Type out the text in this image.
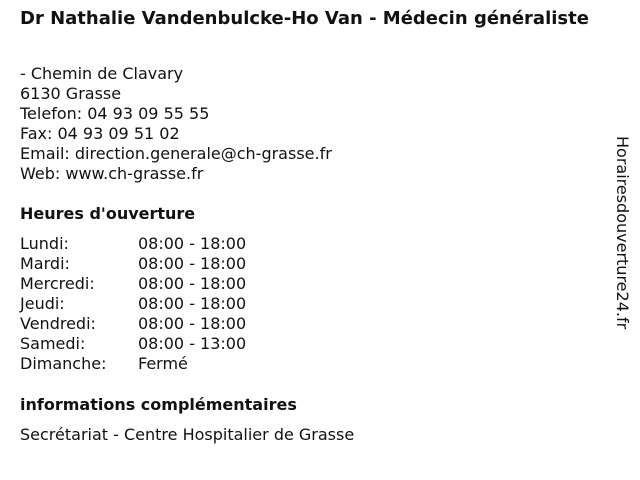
Dr Nathalie Vandenbulcke-Ho Van - Médecin généraliste
- Chemin de Clavary
6130 Grasse
Telefon: 04 93 09 55 55
Fax: 04 93 09 51 02
Email: direction.generale@ch-grasse.fr
Web: www.ch-grasse.fr
Heures d'ouverture
Lundi:	08:00 - 18:00
Mardi:	08:00 - 18:00
Mercredi:	08:00 - 18:00
Jeudi:	08:00 - 18:00
Vendredi:	08:00 - 18:00
Samedi:	08:00 - 13:00
Dimanche: Fermé
informations complémentaires
Secrétariat - Centre Hospitalier de Grasse
Horairesdouverture24.fr
